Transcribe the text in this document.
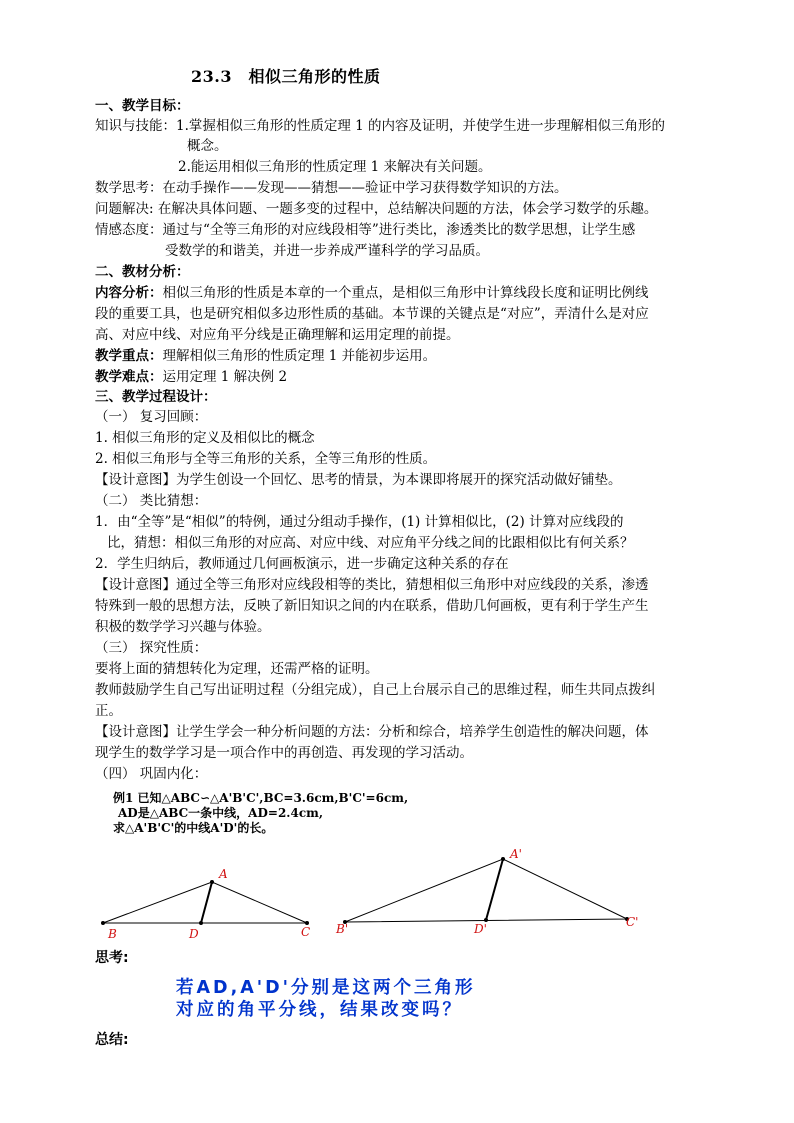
23.3　相似三角形的性质
一、教学目标：
知识与技能：1.掌握相似三角形的性质定理 1 的内容及证明，并使学生进一步理解相似三角形的
概念。
2.能运用相似三角形的性质定理 1 来解决有关问题。
数学思考：在动手操作——发现——猜想——验证中学习获得数学知识的方法。
问题解决: 在解决具体问题、一题多变的过程中，总结解决问题的方法，体会学习数学的乐趣。
情感态度：通过与“全等三角形的对应线段相等”进行类比，渗透类比的数学思想，让学生感
受数学的和谐美，并进一步养成严谨科学的学习品质。
二、教材分析：
内容分析：相似三角形的性质是本章的一个重点，是相似三角形中计算线段长度和证明比例线
段的重要工具，也是研究相似多边形性质的基础。本节课的关键点是“对应”，弄清什么是对应
高、对应中线、对应角平分线是正确理解和运用定理的前提。
教学重点：理解相似三角形的性质定理 1 并能初步运用。
教学难点：运用定理 1 解决例 2
三、教学过程设计：
（一） 复习回顾：
1. 相似三角形的定义及相似比的概念
2. 相似三角形与全等三角形的关系，全等三角形的性质。
【设计意图】为学生创设一个回忆、思考的情景，为本课即将展开的探究活动做好铺垫。
（二） 类比猜想：
1．由“全等”是“相似”的特例，通过分组动手操作，(1) 计算相似比，(2) 计算对应线段的
比，猜想：相似三角形的对应高、对应中线、对应角平分线之间的比跟相似比有何关系？
2．学生归纳后，教师通过几何画板演示，进一步确定这种关系的存在
【设计意图】通过全等三角形对应线段相等的类比，猜想相似三角形中对应线段的关系，渗透
特殊到一般的思想方法，反映了新旧知识之间的内在联系，借助几何画板，更有利于学生产生
积极的数学学习兴趣与体验。
（三） 探究性质：
要将上面的猜想转化为定理，还需严格的证明。
教师鼓励学生自己写出证明过程（分组完成），自己上台展示自己的思维过程，师生共同点拨纠
正。
【设计意图】让学生学会一种分析问题的方法：分析和综合，培养学生创造性的解决问题，体
现学生的数学学习是一项合作中的再创造、再发现的学习活动。
（四） 巩固内化：
例1 已知△ABC∽△A'B'C',BC=3.6cm,B'C'=6cm,
AD是△ABC一条中线，AD=2.4cm,
求△A'B'C'的中线A'D'的长。
A
B	D	C
A'
B'	D'	C'
思考:
若AD,A'D'分别是这两个三角形
对应的角平分线，结果改变吗？
总结:
